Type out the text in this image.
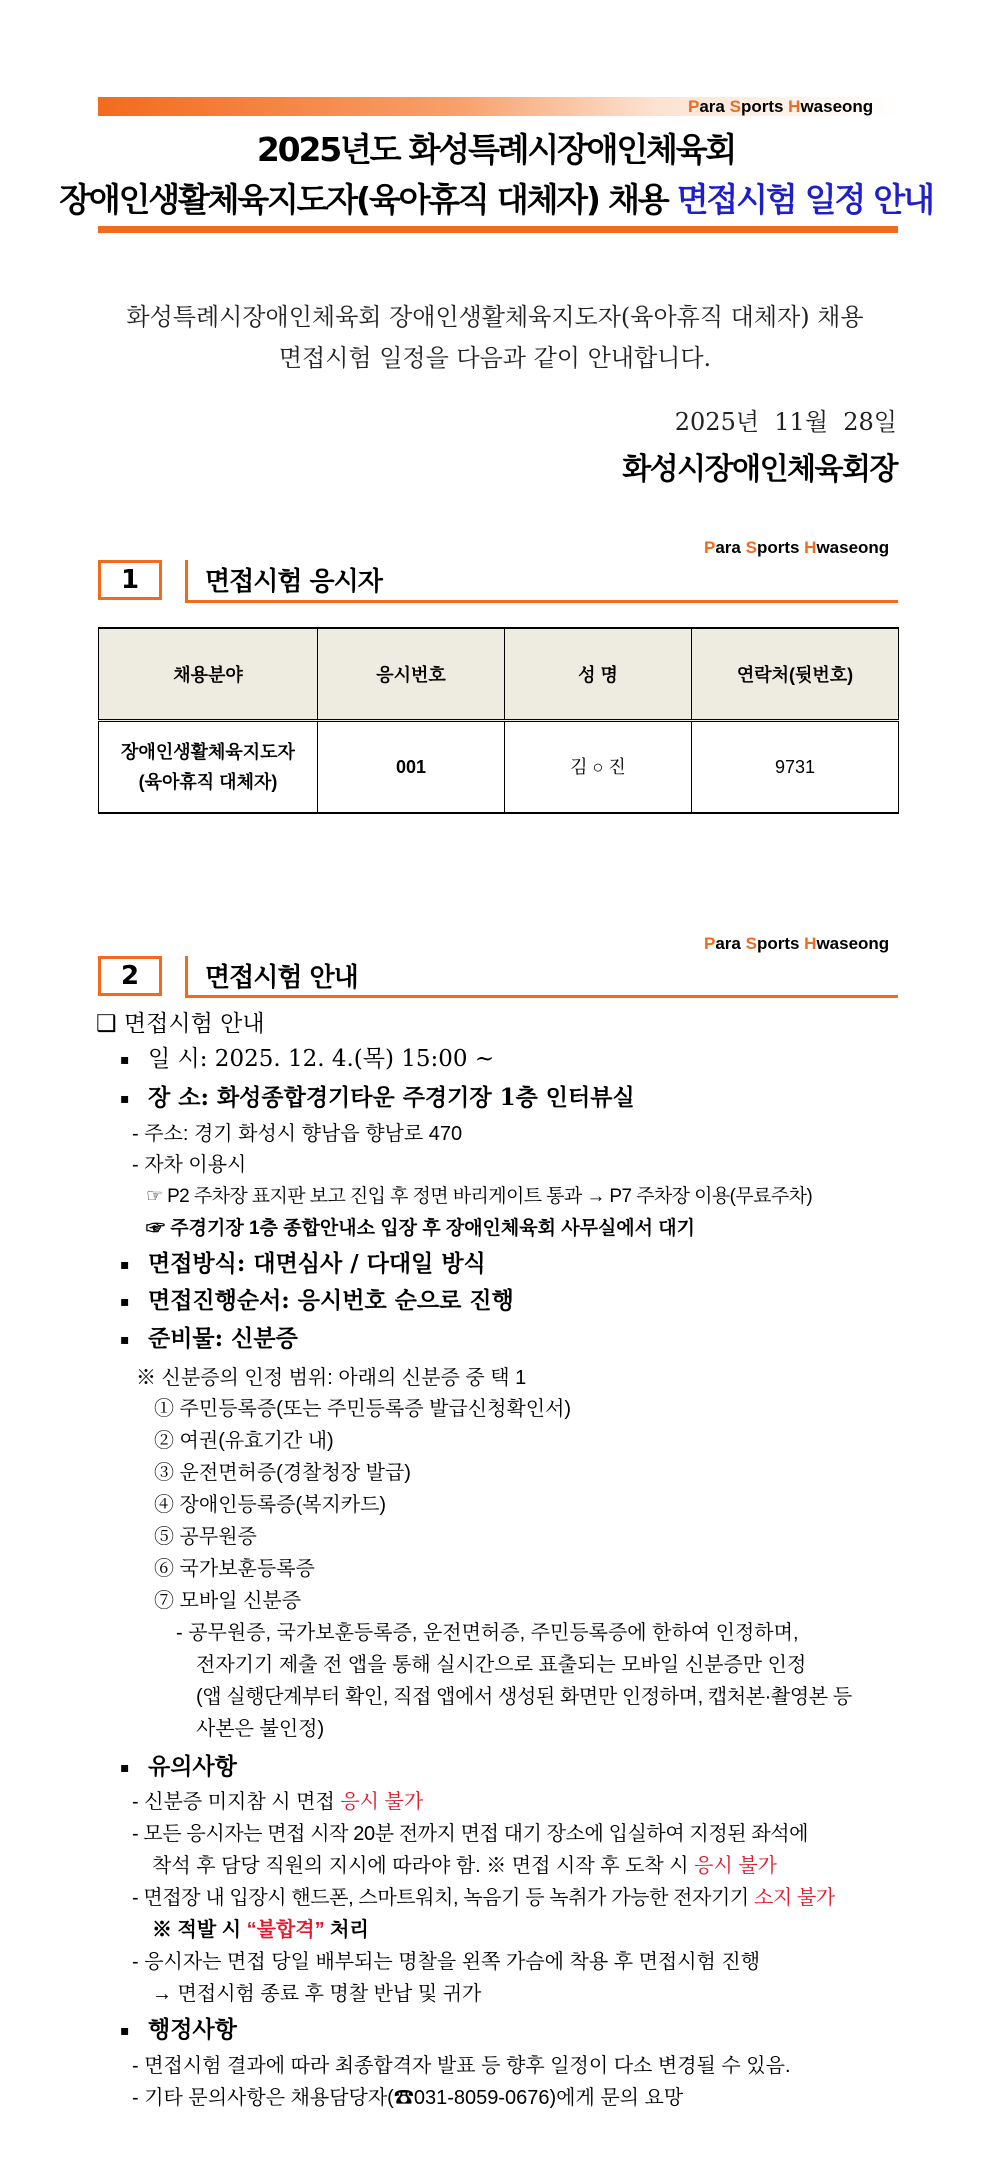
Para Sports Hwaseong
2025년도 화성특례시장애인체육회
장애인생활체육지도자(육아휴직 대체자) 채용 면접시험 일정 안내
화성특례시장애인체육회 장애인생활체육지도자(육아휴직 대체자) 채용
면접시험 일정을 다음과 같이 안내합니다.
2025년  11월  28일
화성시장애인체육회장
Para Sports Hwaseong
1	면접시험 응시자
채용분야	응시번호	성 명	연락처(뒷번호)

장애인생활체육지도자
(육아휴직 대체자)	001	김 ○ 진	9731
Para Sports Hwaseong
2	면접시험 안내
❑ 면접시험 안내
▪ 일 시: 2025. 12. 4.(목) 15:00 ~
▪ 장 소: 화성종합경기타운 주경기장 1층 인터뷰실
- 주소: 경기 화성시 향남읍 향남로 470
- 자차 이용시
☞ P2 주차장 표지판 보고 진입 후 정면 바리게이트 통과 → P7 주차장 이용(무료주차)
☞ 주경기장 1층 종합안내소 입장 후 장애인체육회 사무실에서 대기
▪ 면접방식: 대면심사 / 다대일 방식
▪ 면접진행순서: 응시번호 순으로 진행
▪ 준비물: 신분증
※ 신분증의 인정 범위: 아래의 신분증 중 택 1
① 주민등록증(또는 주민등록증 발급신청확인서)
② 여권(유효기간 내)
③ 운전면허증(경찰청장 발급)
④ 장애인등록증(복지카드)
⑤ 공무원증
⑥ 국가보훈등록증
⑦ 모바일 신분증
- 공무원증, 국가보훈등록증, 운전면허증, 주민등록증에 한하여 인정하며,
전자기기 제출 전 앱을 통해 실시간으로 표출되는 모바일 신분증만 인정
(앱 실행단계부터 확인, 직접 앱에서 생성된 화면만 인정하며, 캡처본·촬영본 등
사본은 불인정)
▪ 유의사항
- 신분증 미지참 시 면접 응시 불가
- 모든 응시자는 면접 시작 20분 전까지 면접 대기 장소에 입실하여 지정된 좌석에
착석 후 담당 직원의 지시에 따라야 함. ※ 면접 시작 후 도착 시 응시 불가
- 면접장 내 입장시 핸드폰, 스마트워치, 녹음기 등 녹취가 가능한 전자기기 소지 불가
※ 적발 시 “불합격” 처리
- 응시자는 면접 당일 배부되는 명찰을 왼쪽 가슴에 착용 후 면접시험 진행
→ 면접시험 종료 후 명찰 반납 및 귀가
▪ 행정사항
- 면접시험 결과에 따라 최종합격자 발표 등 향후 일정이 다소 변경될 수 있음.
- 기타 문의사항은 채용담당자(☎031-8059-0676)에게 문의 요망
